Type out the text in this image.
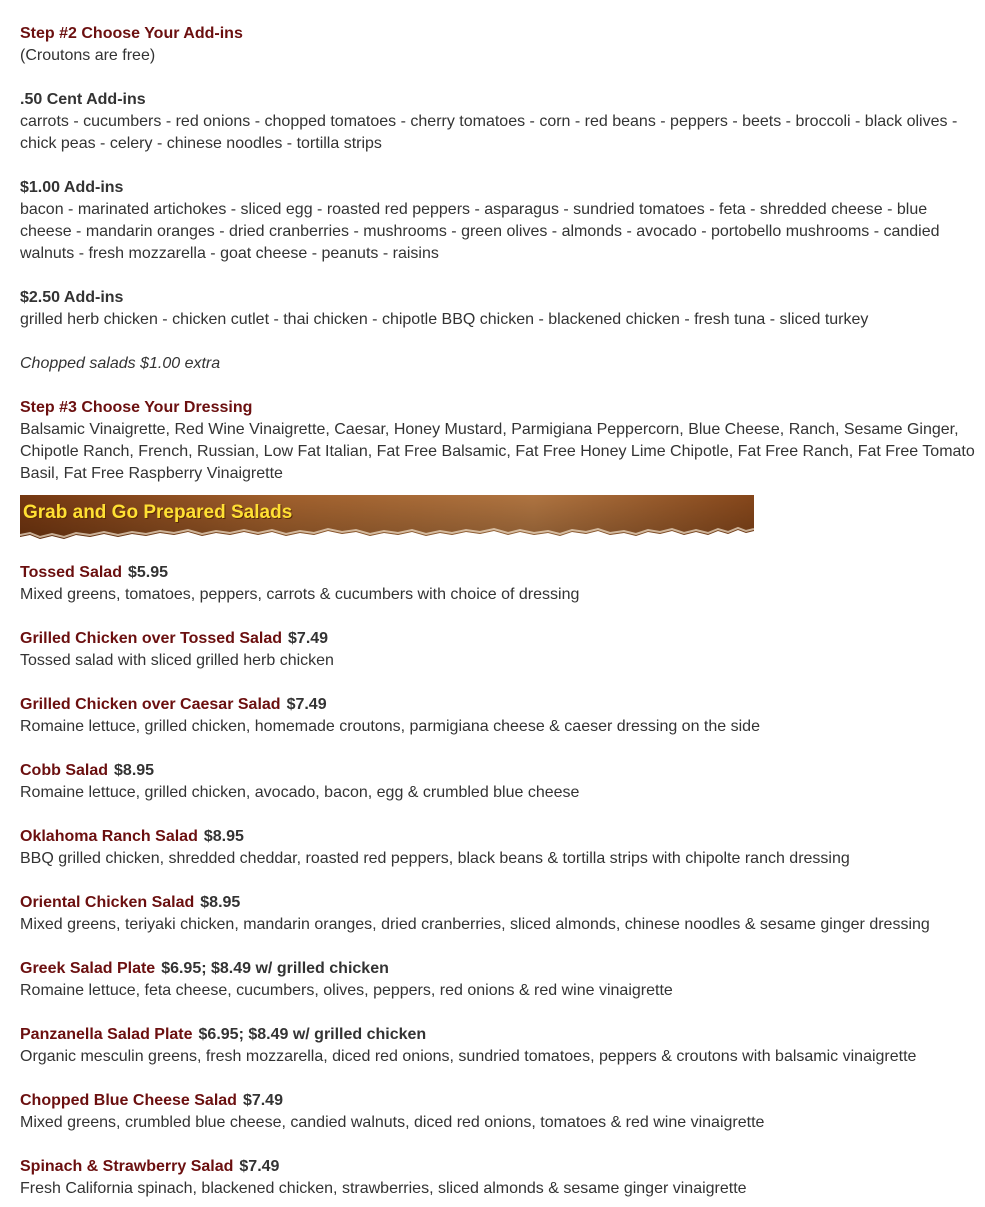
Step #2 Choose Your Add-ins
(Croutons are free)
.50 Cent Add-ins
carrots - cucumbers - red onions - chopped tomatoes - cherry tomatoes - corn - red beans - peppers - beets - broccoli - black olives - chick peas - celery - chinese noodles - tortilla strips
$1.00 Add-ins
bacon - marinated artichokes - sliced egg - roasted red peppers - asparagus - sundried tomatoes - feta - shredded cheese - blue cheese - mandarin oranges - dried cranberries - mushrooms - green olives - almonds - avocado - portobello mushrooms - candied walnuts - fresh mozzarella - goat cheese - peanuts - raisins
$2.50 Add-ins
grilled herb chicken - chicken cutlet - thai chicken - chipotle BBQ chicken - blackened chicken - fresh tuna - sliced turkey
Chopped salads $1.00 extra
Step #3 Choose Your Dressing
Balsamic Vinaigrette, Red Wine Vinaigrette, Caesar, Honey Mustard, Parmigiana Peppercorn, Blue Cheese, Ranch, Sesame Ginger, Chipotle Ranch, French, Russian, Low Fat Italian, Fat Free Balsamic, Fat Free Honey Lime Chipotle, Fat Free Ranch, Fat Free Tomato Basil, Fat Free Raspberry Vinaigrette
Grab and Go Prepared Salads
Tossed Salad $5.95
Mixed greens, tomatoes, peppers, carrots & cucumbers with choice of dressing
Grilled Chicken over Tossed Salad $7.49
Tossed salad with sliced grilled herb chicken
Grilled Chicken over Caesar Salad $7.49
Romaine lettuce, grilled chicken, homemade croutons, parmigiana cheese & caeser dressing on the side
Cobb Salad $8.95
Romaine lettuce, grilled chicken, avocado, bacon, egg & crumbled blue cheese
Oklahoma Ranch Salad $8.95
BBQ grilled chicken, shredded cheddar, roasted red peppers, black beans & tortilla strips with chipolte ranch dressing
Oriental Chicken Salad $8.95
Mixed greens, teriyaki chicken, mandarin oranges, dried cranberries, sliced almonds, chinese noodles & sesame ginger dressing
Greek Salad Plate $6.95; $8.49 w/ grilled chicken
Romaine lettuce, feta cheese, cucumbers, olives, peppers, red onions & red wine vinaigrette
Panzanella Salad Plate $6.95; $8.49 w/ grilled chicken
Organic mesculin greens, fresh mozzarella, diced red onions, sundried tomatoes, peppers & croutons with balsamic vinaigrette
Chopped Blue Cheese Salad $7.49
Mixed greens, crumbled blue cheese, candied walnuts, diced red onions, tomatoes & red wine vinaigrette
Spinach & Strawberry Salad $7.49
Fresh California spinach, blackened chicken, strawberries, sliced almonds & sesame ginger vinaigrette
